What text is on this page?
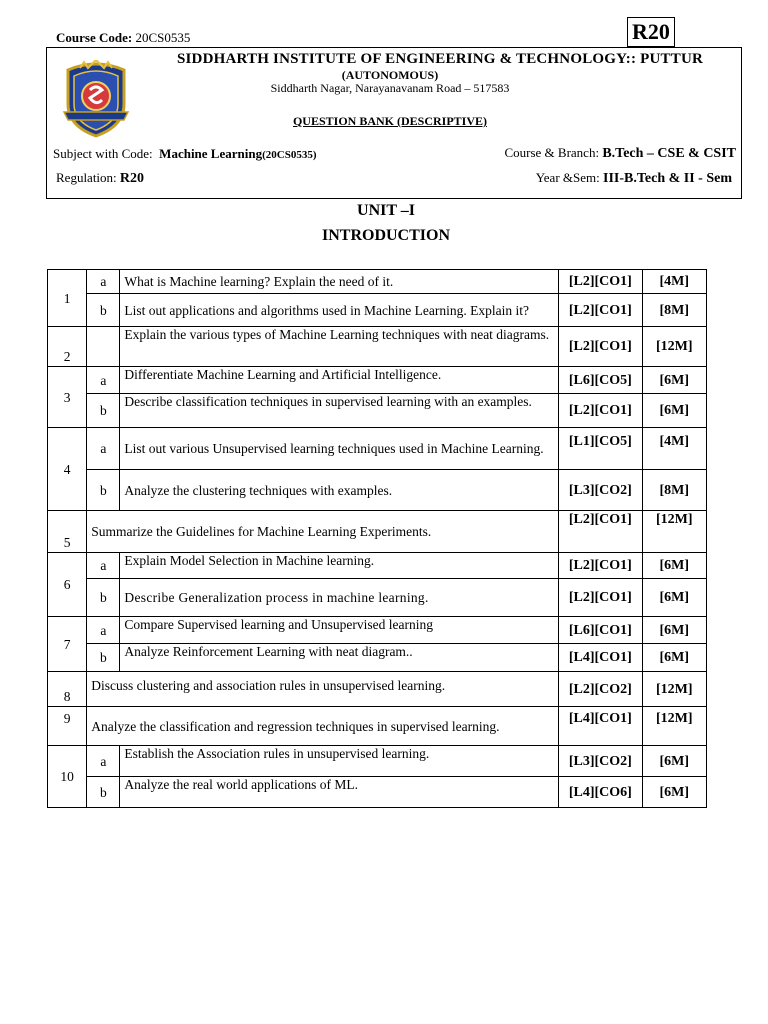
Course Code: 20CS0535	R20
SIDDHARTH INSTITUTE OF ENGINEERING & TECHNOLOGY:: PUTTUR
(AUTONOMOUS)
Siddharth Nagar, Narayanavanam Road – 517583
QUESTION BANK (DESCRIPTIVE)
Subject with Code: Machine Learning(20CS0535)	Course & Branch: B.Tech – CSE & CSIT
Regulation: R20	Year &Sem: III-B.Tech & II - Sem
UNIT –I
INTRODUCTION
1	a	What is Machine learning? Explain the need of it.	[L2][CO1]	[4M]
	b	List out applications and algorithms used in Machine Learning. Explain it?	[L2][CO1]	[8M]
2		Explain the various types of Machine Learning techniques with neat diagrams.	[L2][CO1]	[12M]
3	a	Differentiate Machine Learning and Artificial Intelligence.	[L6][CO5]	[6M]
	b	Describe classification techniques in supervised learning with an examples.	[L2][CO1]	[6M]
4	a	List out various Unsupervised learning techniques used in Machine Learning.	[L1][CO5]	[4M]
	b	Analyze the clustering techniques with examples.	[L3][CO2]	[8M]
5	Summarize the Guidelines for Machine Learning Experiments.		[L2][CO1]	[12M]
6	a	Explain Model Selection in Machine learning.	[L2][CO1]	[6M]
	b	Describe Generalization process in machine learning.	[L2][CO1]	[6M]
7	a	Compare Supervised learning and Unsupervised learning	[L6][CO1]	[6M]
	b	Analyze Reinforcement Learning with neat diagram..	[L4][CO1]	[6M]
8	Discuss clustering and association rules in unsupervised learning.		[L2][CO2]	[12M]
9	Analyze the classification and regression techniques in supervised learning.		[L4][CO1]	[12M]
10	a	Establish the Association rules in unsupervised learning.	[L3][CO2]	[6M]
	b	Analyze the real world applications of ML.	[L4][CO6]	[6M]
